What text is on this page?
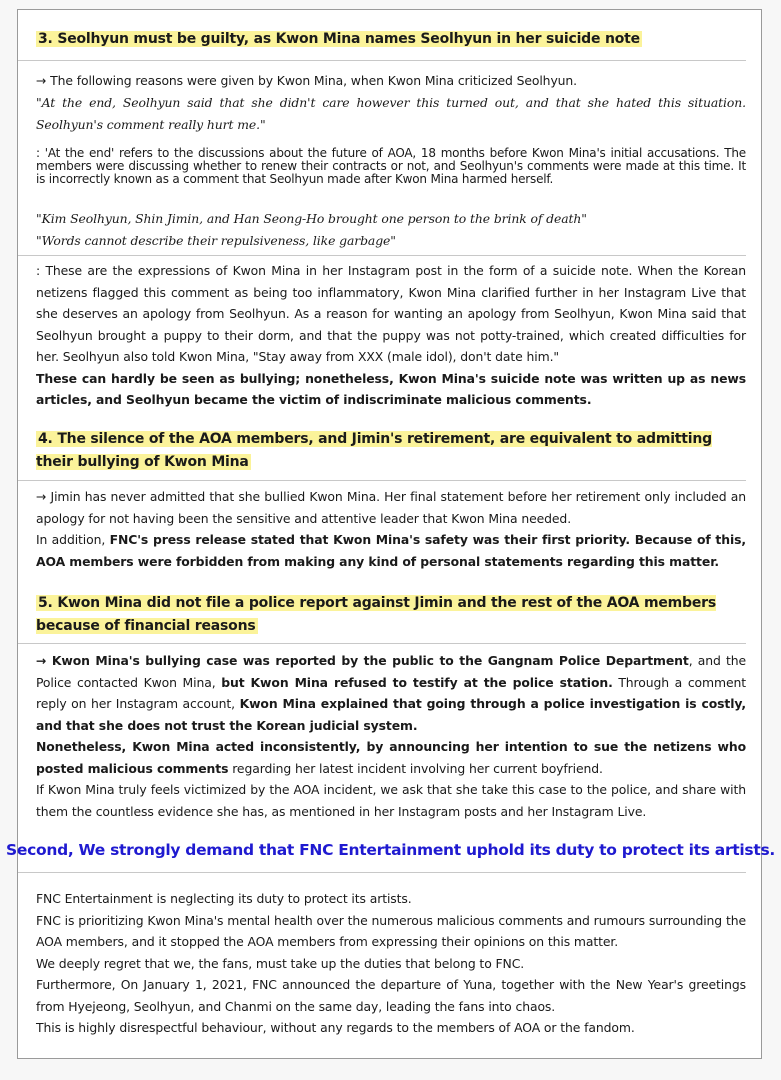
3. Seolhyun must be guilty, as Kwon Mina names Seolhyun in her suicide note
→ The following reasons were given by Kwon Mina, when Kwon Mina criticized Seolhyun.
"At the end, Seolhyun said that she didn't care however this turned out, and that she hated this situation. Seolhyun's comment really hurt me."
: 'At the end' refers to the discussions about the future of AOA, 18 months before Kwon Mina's initial accusations. The members were discussing whether to renew their contracts or not, and Seolhyun's comments were made at this time. It is incorrectly known as a comment that Seolhyun made after Kwon Mina harmed herself.
"Kim Seolhyun, Shin Jimin, and Han Seong-Ho brought one person to the brink of death"
"Words cannot describe their repulsiveness, like garbage"
: These are the expressions of Kwon Mina in her Instagram post in the form of a suicide note. When the Korean netizens flagged this comment as being too inflammatory, Kwon Mina clarified further in her Instagram Live that she deserves an apology from Seolhyun. As a reason for wanting an apology from Seolhyun, Kwon Mina said that Seolhyun brought a puppy to their dorm, and that the puppy was not potty-trained, which created difficulties for her. Seolhyun also told Kwon Mina, "Stay away from XXX (male idol), don't date him."
These can hardly be seen as bullying; nonetheless, Kwon Mina's suicide note was written up as news articles, and Seolhyun became the victim of indiscriminate malicious comments.
4. The silence of the AOA members, and Jimin's retirement, are equivalent to admitting their bullying of Kwon Mina
→ Jimin has never admitted that she bullied Kwon Mina. Her final statement before her retirement only included an apology for not having been the sensitive and attentive leader that Kwon Mina needed.
In addition, FNC's press release stated that Kwon Mina's safety was their first priority. Because of this, AOA members were forbidden from making any kind of personal statements regarding this matter.
5. Kwon Mina did not file a police report against Jimin and the rest of the AOA members because of financial reasons
→ Kwon Mina's bullying case was reported by the public to the Gangnam Police Department, and the Police contacted Kwon Mina, but Kwon Mina refused to testify at the police station. Through a comment reply on her Instagram account, Kwon Mina explained that going through a police investigation is costly, and that she does not trust the Korean judicial system.
Nonetheless, Kwon Mina acted inconsistently, by announcing her intention to sue the netizens who posted malicious comments regarding her latest incident involving her current boyfriend.
If Kwon Mina truly feels victimized by the AOA incident, we ask that she take this case to the police, and share with them the countless evidence she has, as mentioned in her Instagram posts and her Instagram Live.
Second, We strongly demand that FNC Entertainment uphold its duty to protect its artists.
FNC Entertainment is neglecting its duty to protect its artists.
FNC is prioritizing Kwon Mina's mental health over the numerous malicious comments and rumours surrounding the AOA members, and it stopped the AOA members from expressing their opinions on this matter.
We deeply regret that we, the fans, must take up the duties that belong to FNC.
Furthermore, On January 1, 2021, FNC announced the departure of Yuna, together with the New Year's greetings from Hyejeong, Seolhyun, and Chanmi on the same day, leading the fans into chaos.
This is highly disrespectful behaviour, without any regards to the members of AOA or the fandom.
